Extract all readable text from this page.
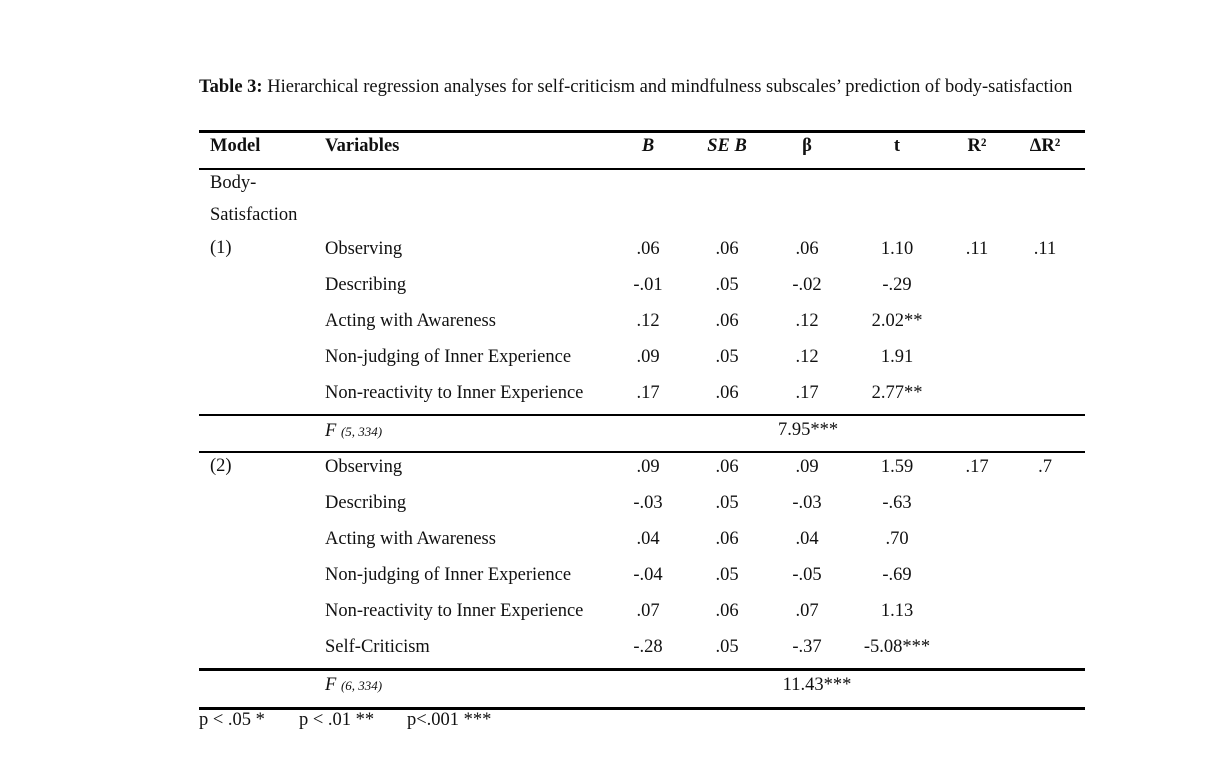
Table 3: Hierarchical regression analyses for self-criticism and mindfulness subscales’ prediction of body-satisfaction
Model	Variables	B	SE B	β	t	R² ΔR²
Body-
Satisfaction
(1)	Observing	.06	.06	.06	1.10	.11 .11
Describing	-.01	.05	-.02	-.29
Acting with Awareness	.12	.06	.12	2.02**
Non-judging of Inner Experience	.09	.05	.12	1.91
Non-reactivity to Inner Experience	.17	.06	.17	2.77**
F (5, 334)	7.95***
(2)	Observing	.09	.06	.09	1.59	.17	.7
Describing	-.03	.05	-.03	-.63
Acting with Awareness	.04	.06	.04	.70
Non-judging of Inner Experience	-.04	.05	-.05	-.69
Non-reactivity to Inner Experience	.07	.06	.07	1.13
Self-Criticism	-.28	.05	-.37 -5.08***
F (6, 334)	11.43***
p < .05 * p < .01 ** p<.001 ***
